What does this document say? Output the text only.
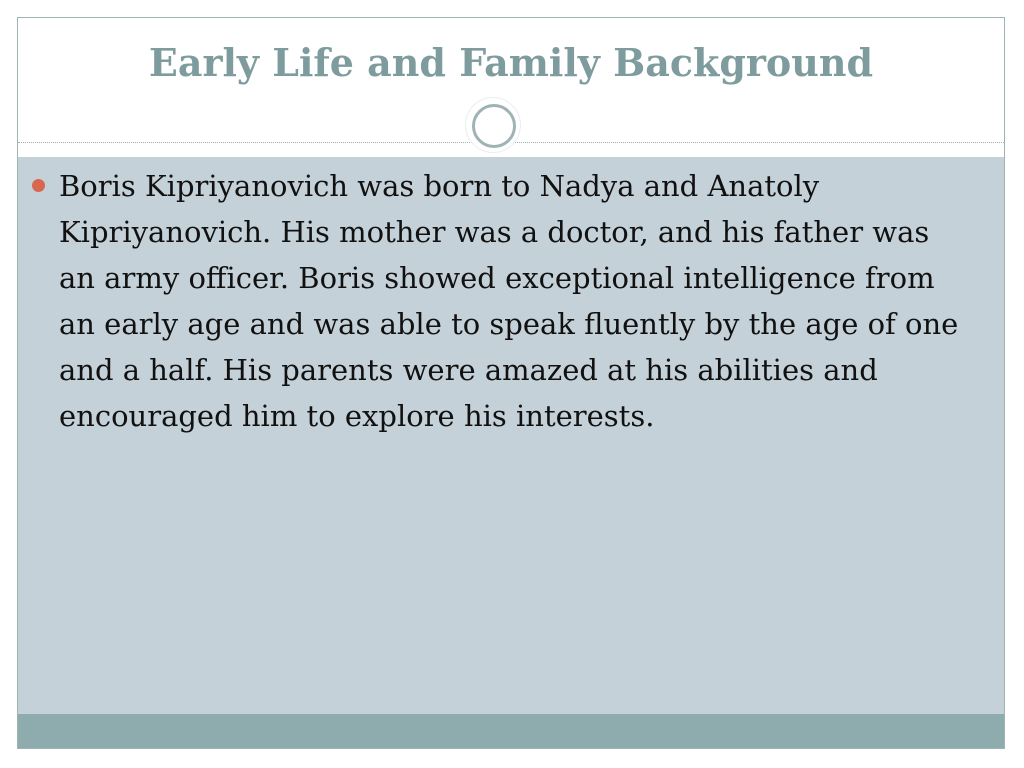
Early Life and Family Background
Boris Kipriyanovich was born to Nadya and Anatoly Kipriyanovich. His mother was a doctor, and his father was an army officer. Boris showed exceptional intelligence from an early age and was able to speak fluently by the age of one and a half. His parents were amazed at his abilities and encouraged him to explore his interests.
